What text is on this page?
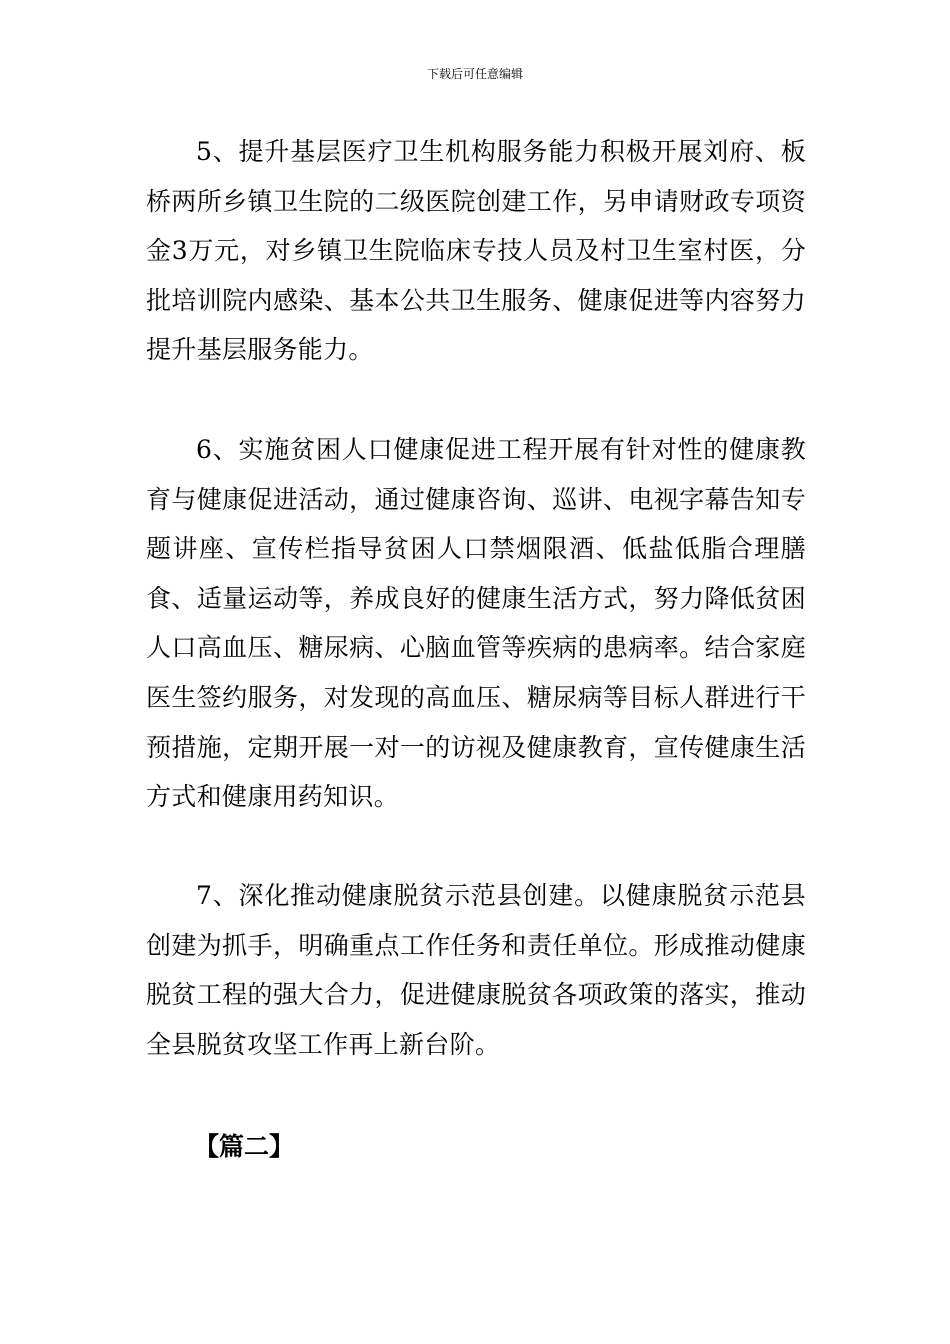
下载后可任意编辑

5、提升基层医疗卫生机构服务能力积极开展刘府、板桥两所乡镇卫生院的二级医院创建工作，另申请财政专项资金3万元，对乡镇卫生院临床专技人员及村卫生室村医，分批培训院内感染、基本公共卫生服务、健康促进等内容努力提升基层服务能力。

6、实施贫困人口健康促进工程开展有针对性的健康教育与健康促进活动，通过健康咨询、巡讲、电视字幕告知专题讲座、宣传栏指导贫困人口禁烟限酒、低盐低脂合理膳食、适量运动等，养成良好的健康生活方式，努力降低贫困人口高血压、糖尿病、心脑血管等疾病的患病率。结合家庭医生签约服务，对发现的高血压、糖尿病等目标人群进行干预措施，定期开展一对一的访视及健康教育，宣传健康生活方式和健康用药知识。

7、深化推动健康脱贫示范县创建。以健康脱贫示范县创建为抓手，明确重点工作任务和责任单位。形成推动健康脱贫工程的强大合力，促进健康脱贫各项政策的落实，推动全县脱贫攻坚工作再上新台阶。

【篇二】
